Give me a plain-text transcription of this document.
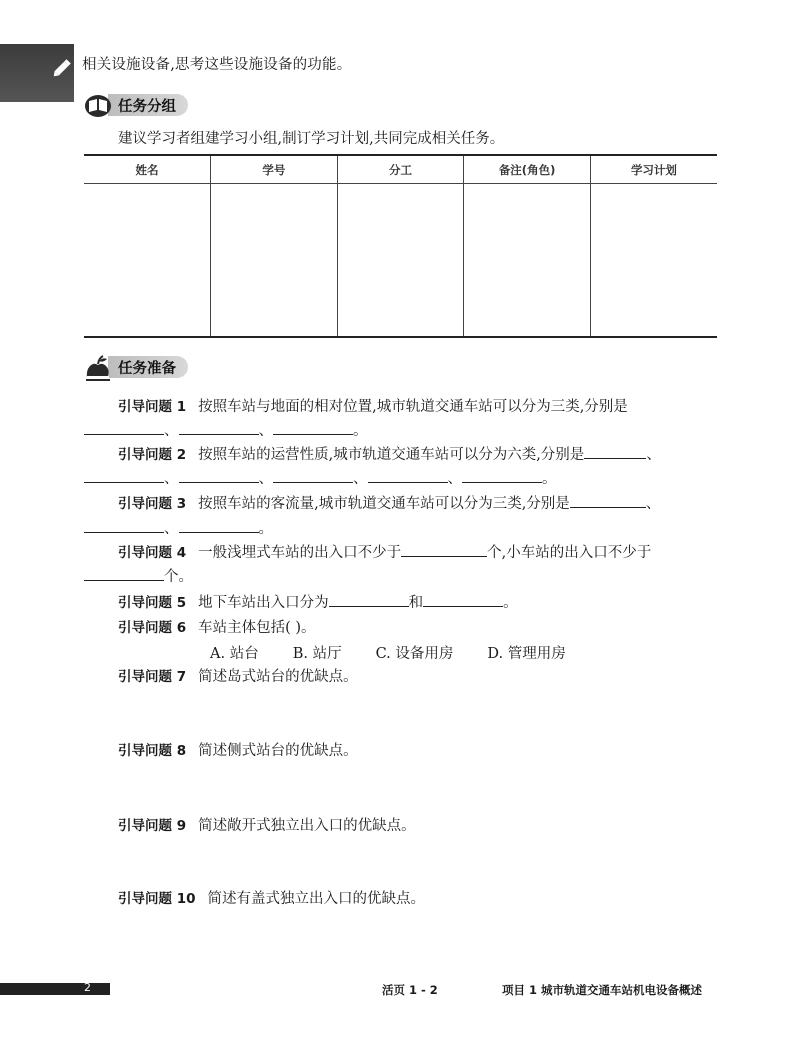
相关设施设备,思考这些设施设备的功能。
任务分组
建议学习者组建学习小组,制订学习计划,共同完成相关任务。
姓名	学号	分工	备注(角色)	学习计划

任务准备
引导问题 1 按照车站与地面的相对位置,城市轨道交通车站可以分为三类,分别是
、	、	。
引导问题 2 按照车站的运营性质,城市轨道交通车站可以分为六类,分别是	、
、	、	、	、	。
引导问题 3 按照车站的客流量,城市轨道交通车站可以分为三类,分别是	、
、	。
引导问题 4 一般浅埋式车站的出入口不少于	个,小车站的出入口不少于
个。
引导问题 5 地下车站出入口分为	和	。
引导问题 6 车站主体包括( )。
A. 站台 B. 站厅 C. 设备用房 D. 管理用房
引导问题 7 简述岛式站台的优缺点。
引导问题 8 简述侧式站台的优缺点。
引导问题 9 简述敞开式独立出入口的优缺点。
引导问题 10 简述有盖式独立出入口的优缺点。
2	活页 1 - 2	项目 1 城市轨道交通车站机电设备概述
